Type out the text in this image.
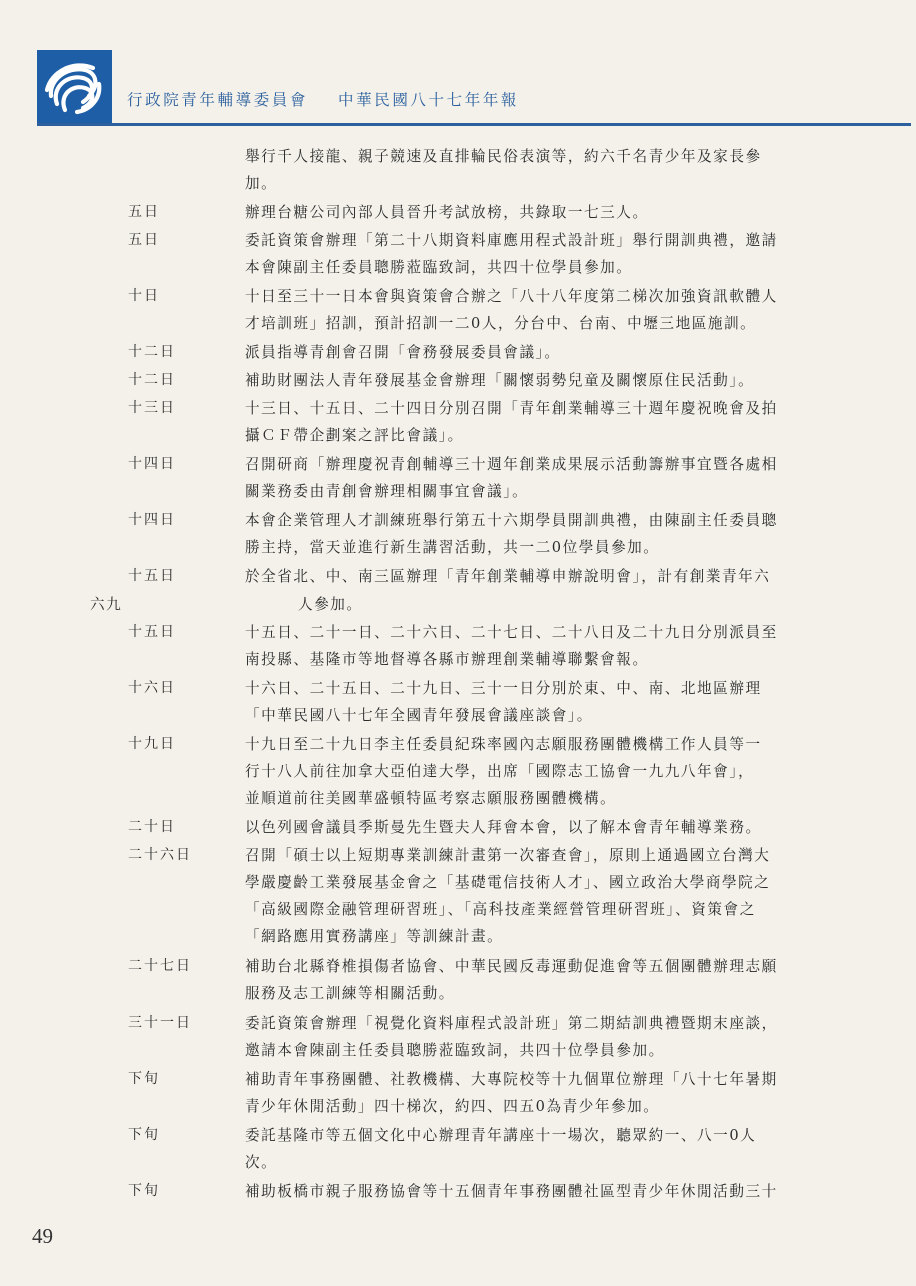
行政院青年輔導委員會 中華民國八十七年年報
舉行千人接龍、親子競速及直排輪民俗表演等，約六千名青少年及家長參
加。
五日	辦理台糖公司內部人員晉升考試放榜，共錄取一七三人。
五日	委託資策會辦理「第二十八期資料庫應用程式設計班」舉行開訓典禮，邀請
本會陳副主任委員聰勝蒞臨致詞，共四十位學員參加。
十日	十日至三十一日本會與資策會合辦之「八十八年度第二梯次加強資訊軟體人
才培訓班」招訓，預計招訓一二0人，分台中、台南、中壢三地區施訓。
十二日	派員指導青創會召開「會務發展委員會議」。
十二日	補助財團法人青年發展基金會辦理「關懷弱勢兒童及關懷原住民活動」。
十三日	十三日、十五日、二十四日分別召開「青年創業輔導三十週年慶祝晚會及拍
攝ＣＦ帶企劃案之評比會議」。
十四日	召開研商「辦理慶祝青創輔導三十週年創業成果展示活動籌辦事宜暨各處相
關業務委由青創會辦理相關事宜會議」。
十四日	本會企業管理人才訓練班舉行第五十六期學員開訓典禮，由陳副主任委員聰
勝主持，當天並進行新生講習活動，共一二0位學員參加。
十五日	於全省北、中、南三區辦理「青年創業輔導申辦說明會」，計有創業青年六
六九	人參加。
十五日	十五日、二十一日、二十六日、二十七日、二十八日及二十九日分別派員至
南投縣、基隆市等地督導各縣市辦理創業輔導聯繫會報。
十六日	十六日、二十五日、二十九日、三十一日分別於東、中、南、北地區辦理
「中華民國八十七年全國青年發展會議座談會」。
十九日	十九日至二十九日李主任委員紀珠率國內志願服務團體機構工作人員等一
行十八人前往加拿大亞伯達大學，出席「國際志工協會一九九八年會」，
並順道前往美國華盛頓特區考察志願服務團體機構。
二十日	以色列國會議員季斯曼先生暨夫人拜會本會，以了解本會青年輔導業務。
二十六日	召開「碩士以上短期專業訓練計畫第一次審查會」，原則上通過國立台灣大
學嚴慶齡工業發展基金會之「基礎電信技術人才」、國立政治大學商學院之
「高級國際金融管理研習班」、「高科技產業經營管理研習班」、資策會之
「網路應用實務講座」等訓練計畫。
二十七日	補助台北縣脊椎損傷者協會、中華民國反毒運動促進會等五個團體辦理志願
服務及志工訓練等相關活動。
三十一日	委託資策會辦理「視覺化資料庫程式設計班」第二期結訓典禮暨期末座談，
邀請本會陳副主任委員聰勝蒞臨致詞，共四十位學員參加。
下旬	補助青年事務團體、社教機構、大專院校等十九個單位辦理「八十七年暑期
青少年休閒活動」四十梯次，約四、四五0為青少年參加。
下旬	委託基隆市等五個文化中心辦理青年講座十一場次，聽眾約一、八一0人
次。
下旬	補助板橋市親子服務協會等十五個青年事務團體社區型青少年休閒活動三十
49
